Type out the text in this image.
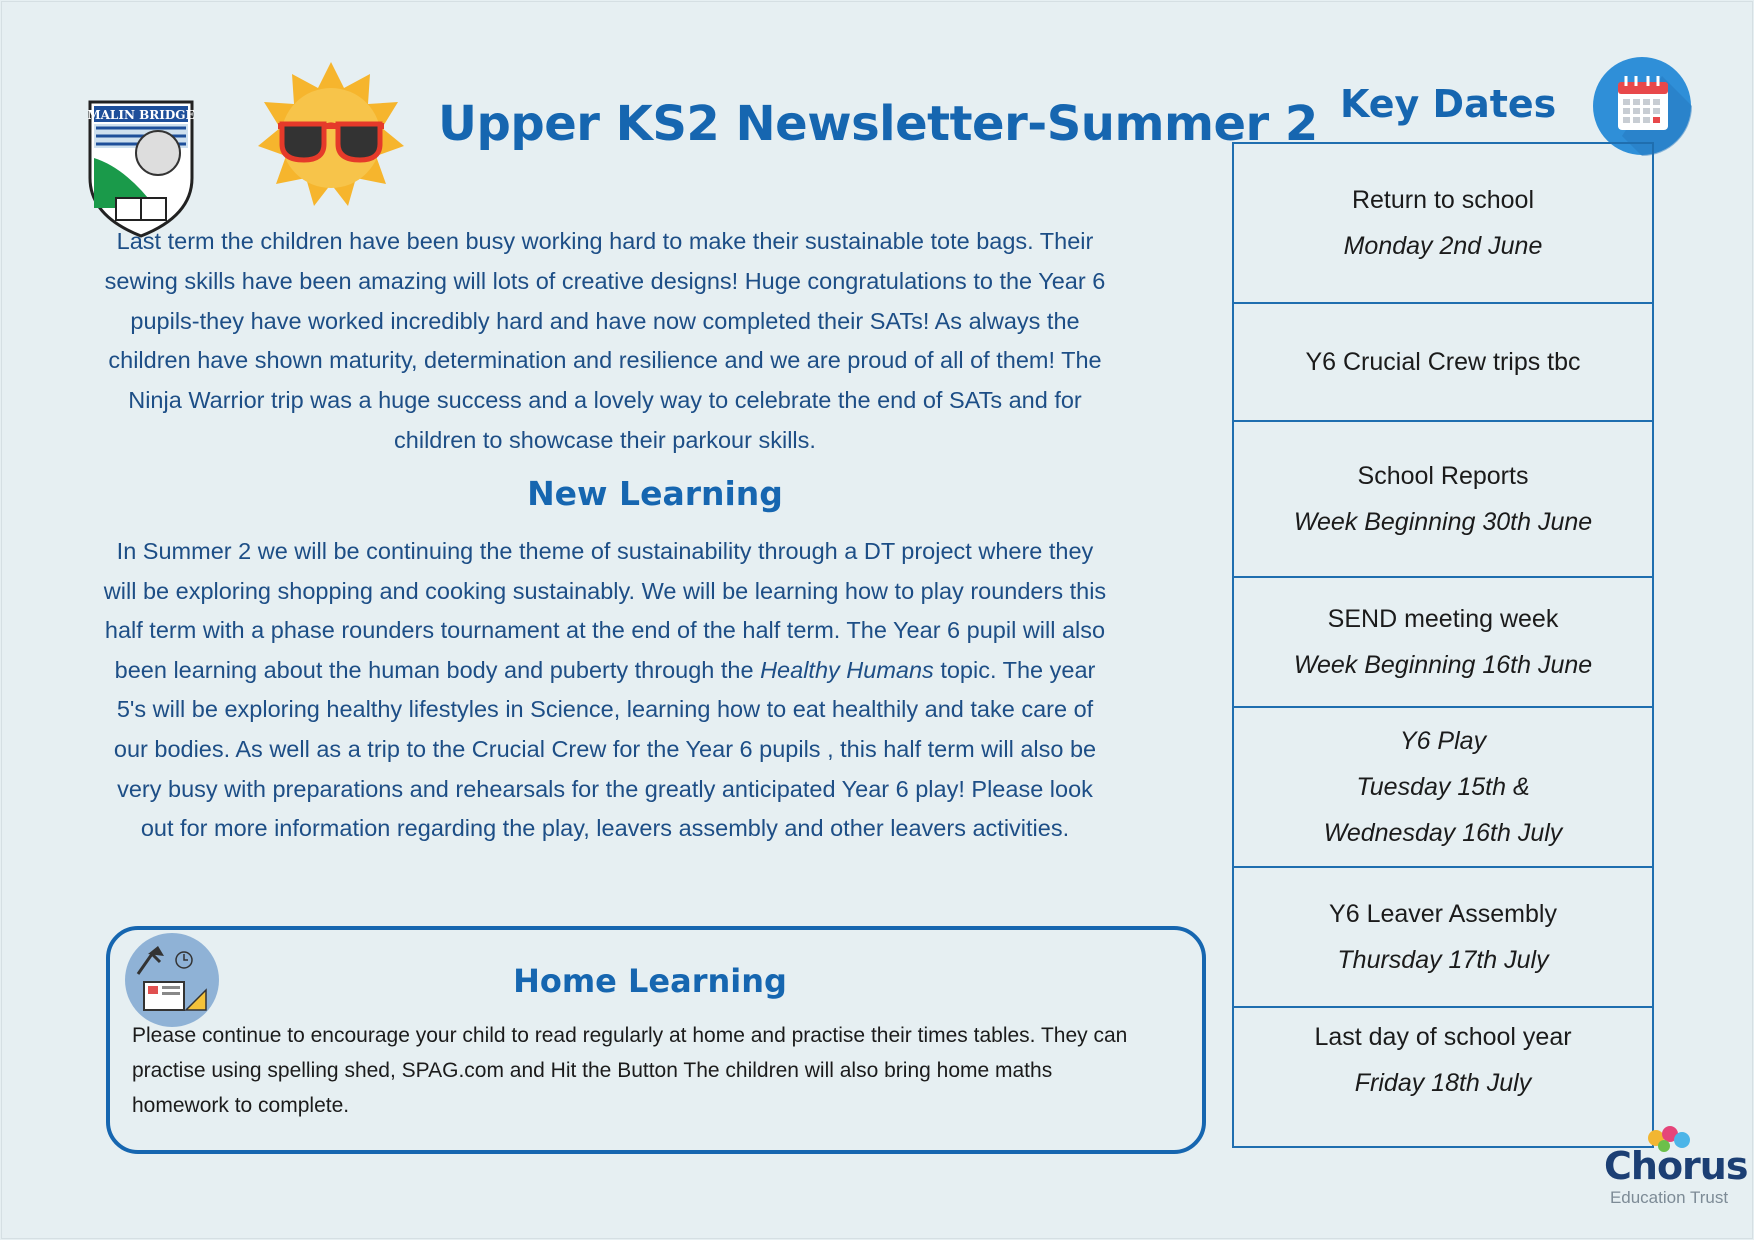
MALIN BRIDGE	Upper KS2 Newsletter-Summer 2

Last term the children have been busy working hard to make their sustainable tote bags. Their sewing skills have been amazing will lots of creative designs! Huge congratulations to the Year 6 pupils-they have worked incredibly hard and have now completed their SATs! As always the children have shown maturity, determination and resilience and we are proud of all of them! The Ninja Warrior trip was a huge success and a lovely way to celebrate the end of SATs and for children to showcase their parkour skills.

New Learning

In Summer 2 we will be continuing the theme of sustainability through a DT project where they will be exploring shopping and cooking sustainably. We will be learning how to play rounders this half term with a phase rounders tournament at the end of the half term. The Year 6 pupil will also been learning about the human body and puberty through the Healthy Humans topic. The year 5's will be exploring healthy lifestyles in Science, learning how to eat healthily and take care of our bodies. As well as a trip to the Crucial Crew for the Year 6 pupils , this half term will also be very busy with preparations and rehearsals for the greatly anticipated Year 6 play! Please look out for more information regarding the play, leavers assembly and other leavers activities.

Home Learning

Please continue to encourage your child to read regularly at home and practise their times tables. They can practise using spelling shed, SPAG.com and Hit the Button The children will also bring home maths homework to complete.

Key Dates
Return to school
Monday 2nd June
Y6 Crucial Crew trips tbc
School Reports
Week Beginning 30th June
SEND meeting week
Week Beginning 16th June
Y6 Play
Tuesday 15th &
Wednesday 16th July
Y6 Leaver Assembly
Thursday 17th July
Last day of school year
Friday 18th July
Chorus
Education Trust
